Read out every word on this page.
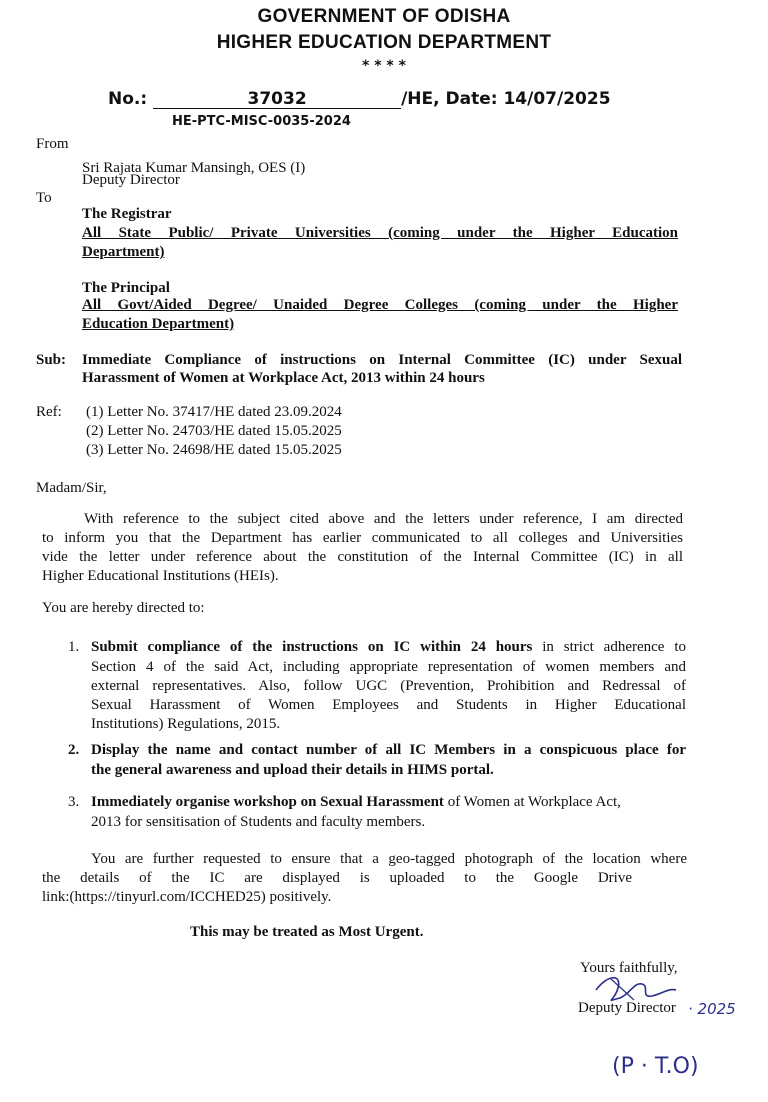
GOVERNMENT OF ODISHA
HIGHER EDUCATION DEPARTMENT
* * * *
No.:	37032	/HE, Date: 14/07/2025
HE-PTC-MISC-0035-2024
From
Sri Rajata Kumar Mansingh, OES (I)
Deputy Director
To
The Registrar
All State Public/ Private Universities (coming under the Higher Education
Department)
The Principal
All Govt/Aided Degree/ Unaided Degree Colleges (coming under the Higher
Education Department)
Sub: Immediate Compliance of instructions on Internal Committee (IC) under Sexual
Harassment of Women at Workplace Act, 2013 within 24 hours
Ref: (1) Letter No. 37417/HE dated 23.09.2024
(2) Letter No. 24703/HE dated 15.05.2025
(3) Letter No. 24698/HE dated 15.05.2025
Madam/Sir,
With reference to the subject cited above and the letters under reference, I am directed
to inform you that the Department has earlier communicated to all colleges and Universities
vide the letter under reference about the constitution of the Internal Committee (IC) in all
Higher Educational Institutions (HEIs).
You are hereby directed to:
1. Submit compliance of the instructions on IC within 24 hours in strict adherence to
Section 4 of the said Act, including appropriate representation of women members and
external representatives. Also, follow UGC (Prevention, Prohibition and Redressal of
Sexual Harassment of Women Employees and Students in Higher Educational
Institutions) Regulations, 2015.
2. Display the name and contact number of all IC Members in a conspicuous place for
the general awareness and upload their details in HIMS portal.
3. Immediately organise workshop on Sexual Harassment of Women at Workplace Act,
2013 for sensitisation of Students and faculty members.
You are further requested to ensure that a geo-tagged photograph of the location where
the details of the IC are displayed is uploaded to the Google Drive
link:(https://tinyurl.com/ICCHED25) positively.
This may be treated as Most Urgent.
Yours faithfully,
Deputy Director · 2025
(P · T.O)
